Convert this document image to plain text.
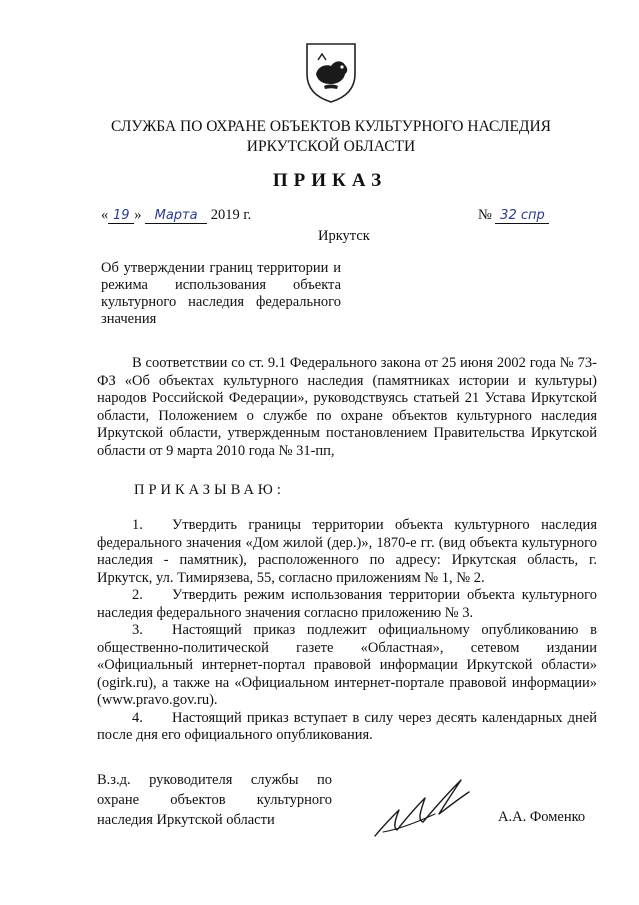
СЛУЖБА ПО ОХРАНЕ ОБЪЕКТОВ КУЛЬТУРНОГО НАСЛЕДИЯ
ИРКУТСКОЙ ОБЛАСТИ
ПРИКАЗ
« 19 » Марта 2019 г.	№ 32 спр
Иркутск
Об утверждении границ территории и режима использования объекта культурного наследия федерального значения

В соответствии со ст. 9.1 Федерального закона от 25 июня 2002 года № 73-ФЗ «Об объектах культурного наследия (памятниках истории и культуры) народов Российской Федерации», руководствуясь статьей 21 Устава Иркутской области, Положением о службе по охране объектов культурного наследия Иркутской области, утвержденным постановлением Правительства Иркутской области от 9 марта 2010 года № 31-пп,

ПРИКАЗЫВАЮ:

1. Утвердить границы территории объекта культурного наследия федерального значения «Дом жилой (дер.)», 1870-е гг. (вид объекта культурного наследия - памятник), расположенного по адресу: Иркутская область, г. Иркутск, ул. Тимирязева, 55, согласно приложениям № 1, № 2.

2. Утвердить режим использования территории объекта культурного наследия федерального значения согласно приложению № 3.

3. Настоящий приказ подлежит официальному опубликованию в общественно-политической газете «Областная», сетевом издании «Официальный интернет-портал правовой информации Иркутской области» (ogirk.ru), а также на «Официальном интернет-портале правовой информации» (www.pravo.gov.ru).

4. Настоящий приказ вступает в силу через десять календарных дней после дня его официального опубликования.

В.з.д. руководителя службы по охране объектов культурного наследия Иркутской области	А.А. Фоменко
